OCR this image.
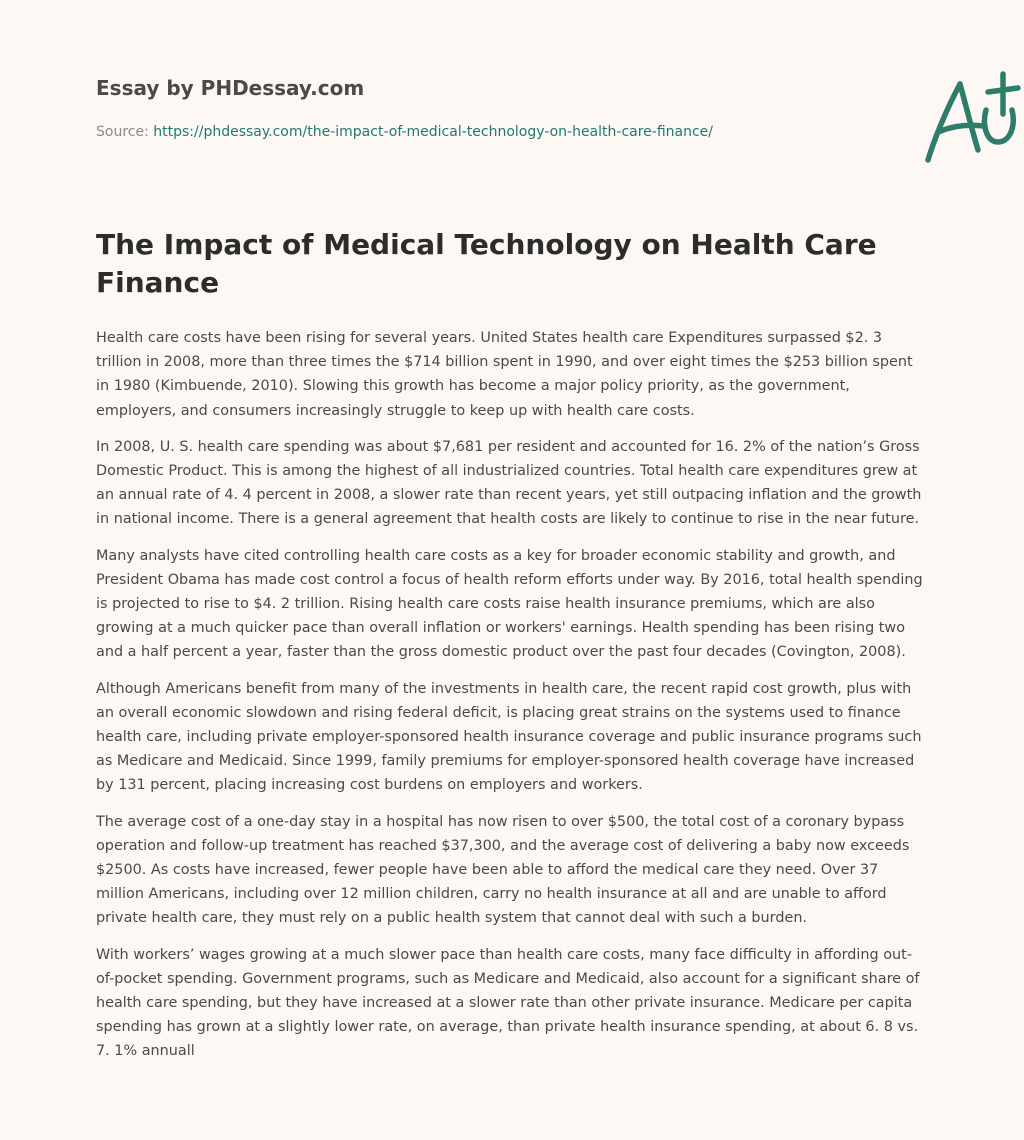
Essay by PHDessay.com
Source: https://phdessay.com/the-impact-of-medical-technology-on-health-care-finance/
The Impact of Medical Technology on Health Care Finance

Health care costs have been rising for several years. United States health care Expenditures surpassed $2. 3 trillion in 2008, more than three times the $714 billion spent in 1990, and over eight times the $253 billion spent in 1980 (Kimbuende, 2010). Slowing this growth has become a major policy priority, as the government, employers, and consumers increasingly struggle to keep up with health care costs.

In 2008, U. S. health care spending was about $7,681 per resident and accounted for 16. 2% of the nation’s Gross Domestic Product. This is among the highest of all industrialized countries. Total health care expenditures grew at an annual rate of 4. 4 percent in 2008, a slower rate than recent years, yet still outpacing inflation and the growth in national income. There is a general agreement that health costs are likely to continue to rise in the near future.

Many analysts have cited controlling health care costs as a key for broader economic stability and growth, and President Obama has made cost control a focus of health reform efforts under way. By 2016, total health spending is projected to rise to $4. 2 trillion. Rising health care costs raise health insurance premiums, which are also growing at a much quicker pace than overall inflation or workers' earnings. Health spending has been rising two and a half percent a year, faster than the gross domestic product over the past four decades (Covington, 2008).

Although Americans benefit from many of the investments in health care, the recent rapid cost growth, plus with an overall economic slowdown and rising federal deficit, is placing great strains on the systems used to finance health care, including private employer-sponsored health insurance coverage and public insurance programs such as Medicare and Medicaid. Since 1999, family premiums for employer-sponsored health coverage have increased by 131 percent, placing increasing cost burdens on employers and workers.

The average cost of a one-day stay in a hospital has now risen to over $500, the total cost of a coronary bypass operation and follow-up treatment has reached $37,300, and the average cost of delivering a baby now exceeds $2500. As costs have increased, fewer people have been able to afford the medical care they need. Over 37 million Americans, including over 12 million children, carry no health insurance at all and are unable to afford private health care, they must rely on a public health system that cannot deal with such a burden.

With workers’ wages growing at a much slower pace than health care costs, many face difficulty in affording out-of-pocket spending. Government programs, such as Medicare and Medicaid, also account for a significant share of health care spending, but they have increased at a slower rate than other private insurance. Medicare per capita spending has grown at a slightly lower rate, on average, than private health insurance spending, at about 6. 8 vs. 7. 1% annuall
